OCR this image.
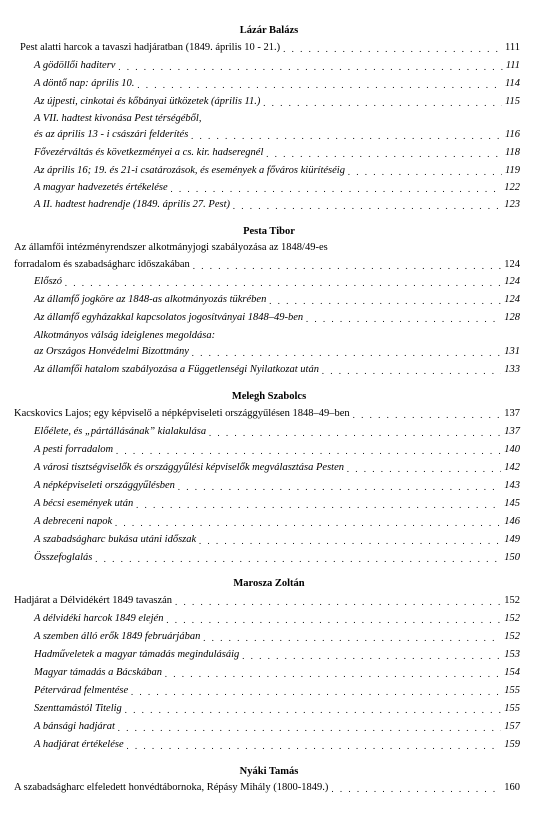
Lázár Balázs
Pest alatti harcok a tavaszi hadjáratban (1849. április 10 - 21.) . . .	111
A gödöllői haditerv . . .	111
A döntő nap: április 10. . . .	114
Az újpesti, cinkotai és kőbányai ütközetek (április 11.) . . .	115
A VII. hadtest kivonása Pest térségéből,
és az április 13 - i császári felderítés . . .	116
Fővezérváltás és következményei a cs. kir. hadseregnél . . .	118
Az április 16; 19. és 21-i csatározások, és események a főváros kiürítéséig . . .	119
A magyar hadvezetés értékelése . . .	122
A II. hadtest hadrendje (1849. április 27. Pest) . . .	123
Pesta Tibor
Az államfői intézményrendszer alkotmányjogi szabályozása az 1848/49-es
forradalom és szabadságharc időszakában . . .	124
Előszó . . .	124
Az államfő jogköre az 1848-as alkotmányozás tükrében . . .	124
Az államfő egyházakkal kapcsolatos jogosítványai 1848–49-ben . . .	128
Alkotmányos válság ideiglenes megoldása:
az Országos Honvédelmi Bizottmány . . .	131
Az államfői hatalom szabályozása a Függetlenségi Nyilatkozat után . . .	133
Melegh Szabolcs
Kacskovics Lajos; egy képviselő a népképviseleti országgyűlésen 1848–49–ben . . .	137
Előélete, és „pártállásának” kialakulása . . .	137
A pesti forradalom . . .	140
A városi tisztségviselők és országgyűlési képviselők megválasztása Pesten . . .	142
A népképviseleti országgyűlésben . . .	143
A bécsi események után . . .	145
A debreceni napok . . .	146
A szabadságharc bukása utáni időszak . . .	149
Összefoglalás . . .	150
Marosza Zoltán
Hadjárat a Délvidékért 1849 tavaszán . . .	152
A délvidéki harcok 1849 elején . . .	152
A szemben álló erők 1849 februárjában . . .	152
Hadműveletek a magyar támadás megindulásáig . . .	153
Magyar támadás a Bácskában . . .	154
Pétervárad felmentése . . .	155
Szenttamástól Titelig . . .	155
A bánsági hadjárat . . .	157
A hadjárat értékelése . . .	159
Nyáki Tamás
A szabadságharc elfeledett honvédtábornoka, Répásy Mihály (1800-1849.) . . .	160
